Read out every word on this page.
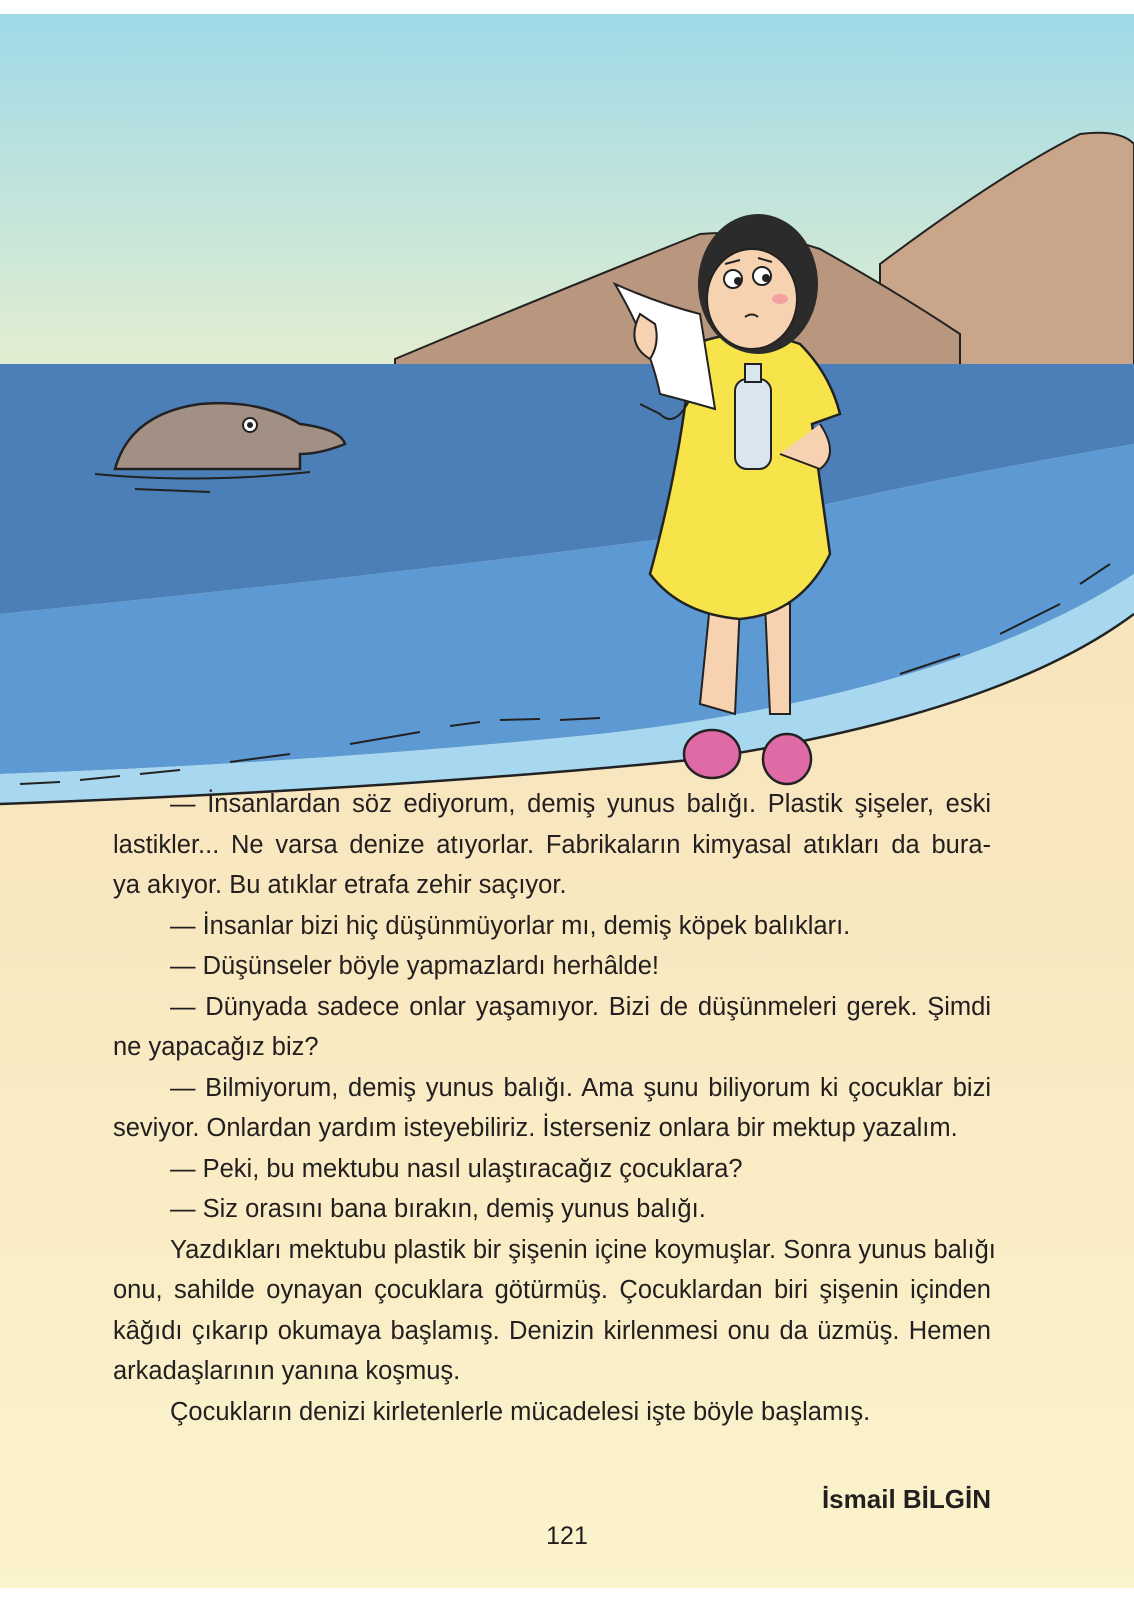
— İnsanlardan söz ediyorum, demiş yunus balığı. Plastik şişeler, eski
lastikler... Ne varsa denize atıyorlar. Fabrikaların kimyasal atıkları da bura-
ya akıyor. Bu atıklar etrafa zehir saçıyor.
— İnsanlar bizi hiç düşünmüyorlar mı, demiş köpek balıkları.
— Düşünseler böyle yapmazlardı herhâlde!
— Dünyada sadece onlar yaşamıyor. Bizi de düşünmeleri gerek. Şimdi
ne yapacağız biz?
— Bilmiyorum, demiş yunus balığı. Ama şunu biliyorum ki çocuklar bizi
seviyor. Onlardan yardım isteyebiliriz. İsterseniz onlara bir mektup yazalım.
— Peki, bu mektubu nasıl ulaştıracağız çocuklara?
— Siz orasını bana bırakın, demiş yunus balığı.
Yazdıkları mektubu plastik bir şişenin içine koymuşlar. Sonra yunus balığı
onu, sahilde oynayan çocuklara götürmüş. Çocuklardan biri şişenin içinden
kâğıdı çıkarıp okumaya başlamış. Denizin kirlenmesi onu da üzmüş. Hemen
arkadaşlarının yanına koşmuş.
Çocukların denizi kirletenlerle mücadelesi işte böyle başlamış.
İsmail BİLGİN
121
